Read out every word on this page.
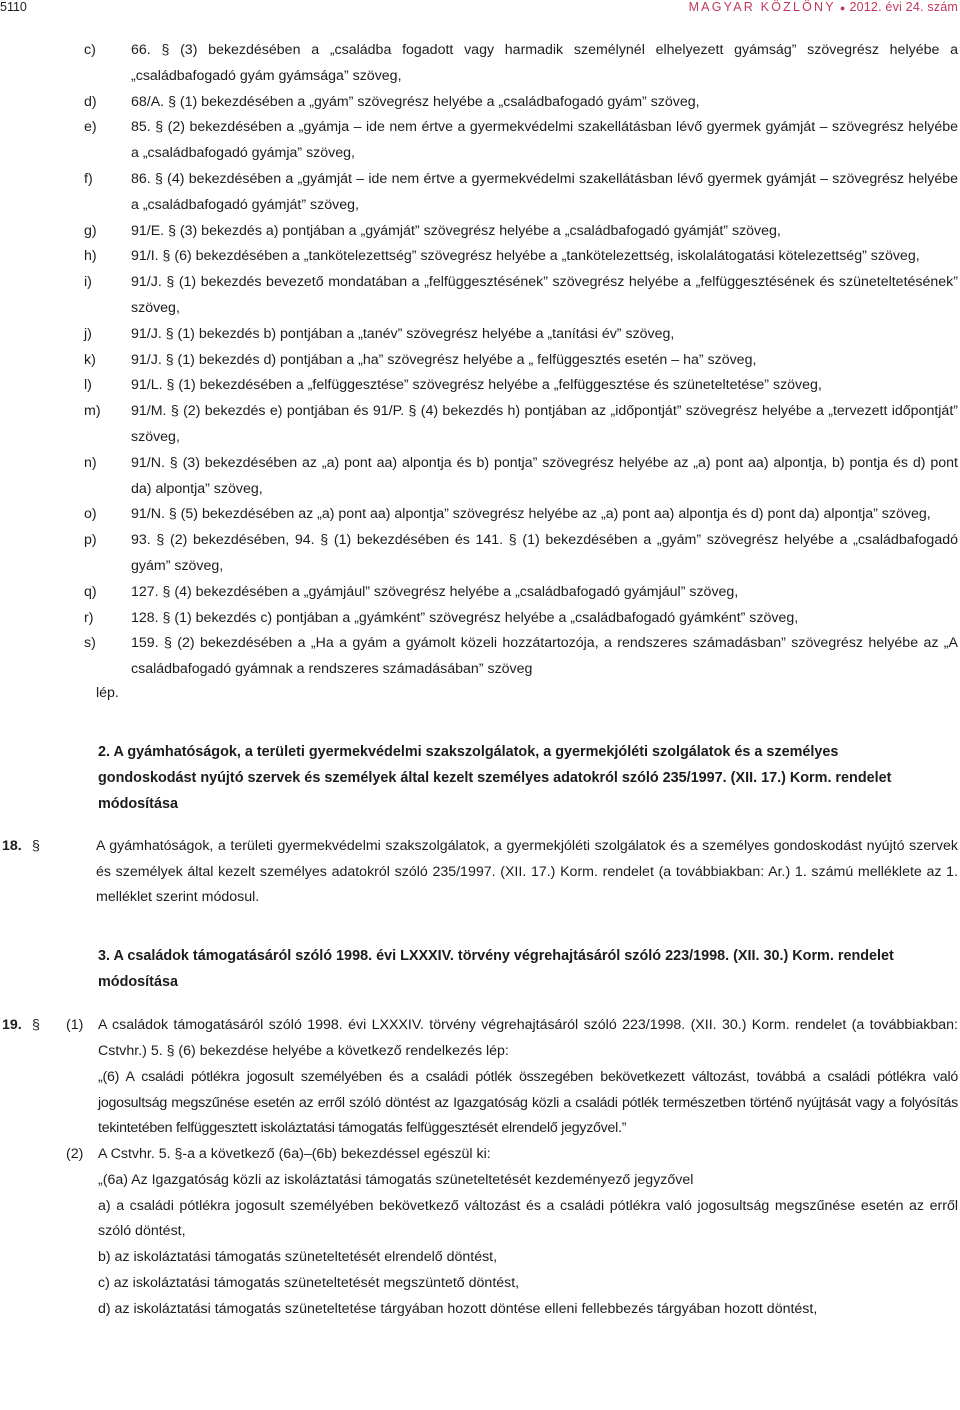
5110	MAGYAR KÖZLÖNY ● 2012. évi 24. szám
c) 66. § (3) bekezdésében a „családba fogadott vagy harmadik személynél elhelyezett gyámság” szövegrész helyébe a „családbafogadó gyám gyámsága” szöveg,
d) 68/A. § (1) bekezdésében a „gyám” szövegrész helyébe a „családbafogadó gyám” szöveg,
e) 85. § (2) bekezdésében a „gyámja – ide nem értve a gyermekvédelmi szakellátásban lévő gyermek gyámját – szövegrész helyébe a „családbafogadó gyámja” szöveg,
f)	86. § (4) bekezdésében a „gyámját – ide nem értve a gyermekvédelmi szakellátásban lévő gyermek gyámját – szövegrész helyébe a „családbafogadó gyámját” szöveg,
g) 91/E. § (3) bekezdés a) pontjában a „gyámját” szövegrész helyébe a „családbafogadó gyámját” szöveg,
h) 91/I. § (6) bekezdésében a „tankötelezettség” szövegrész helyébe a „tankötelezettség, iskolalátogatási kötelezettség” szöveg,
i)	91/J. § (1) bekezdés bevezető mondatában a „felfüggesztésének” szövegrész helyébe a „felfüggesztésének és szüneteltetésének” szöveg,
j)	91/J. § (1) bekezdés b) pontjában a „tanév” szövegrész helyébe a „tanítási év” szöveg,
k) 91/J. § (1) bekezdés d) pontjában a „ha” szövegrész helyébe a „ felfüggesztés esetén – ha” szöveg,
l)	91/L. § (1) bekezdésében a „felfüggesztése” szövegrész helyébe a „felfüggesztése és szüneteltetése” szöveg,
m) 91/M. § (2) bekezdés e) pontjában és 91/P. § (4) bekezdés h) pontjában az „időpontját” szövegrész helyébe a „tervezett időpontját” szöveg,
n) 91/N. § (3) bekezdésében az „a) pont aa) alpontja és b) pontja” szövegrész helyébe az „a) pont aa) alpontja, b) pontja és d) pont da) alpontja” szöveg,
o) 91/N. § (5) bekezdésében az „a) pont aa) alpontja” szövegrész helyébe az „a) pont aa) alpontja és d) pont da) alpontja” szöveg,
p) 93. § (2) bekezdésében, 94. § (1) bekezdésében és 141. § (1) bekezdésében a „gyám” szövegrész helyébe a „családbafogadó gyám” szöveg,
q) 127. § (4) bekezdésében a „gyámjául” szövegrész helyébe a „családbafogadó gyámjául” szöveg,
r)	128. § (1) bekezdés c) pontjában a „gyámként” szövegrész helyébe a „családbafogadó gyámként” szöveg,
s) 159. § (2) bekezdésében a „Ha a gyám a gyámolt közeli hozzátartozója, a rendszeres számadásban” szövegrész helyébe az „A családbafogadó gyámnak a rendszeres számadásában” szöveg
lép.
2. A gyámhatóságok, a területi gyermekvédelmi szakszolgálatok, a gyermekjóléti szolgálatok és a személyes gondoskodást nyújtó szervek és személyek által kezelt személyes adatokról szóló 235/1997. (XII. 17.) Korm. rendelet módosítása
18. §	A gyámhatóságok, a területi gyermekvédelmi szakszolgálatok, a gyermekjóléti szolgálatok és a személyes gondoskodást nyújtó szervek és személyek által kezelt személyes adatokról szóló 235/1997. (XII. 17.) Korm. rendelet (a továbbiakban: Ar.) 1. számú melléklete az 1. melléklet szerint módosul.
3. A családok támogatásáról szóló 1998. évi LXXXIV. törvény végrehajtásáról szóló 223/1998. (XII. 30.) Korm. rendelet módosítása
19. § (1) A családok támogatásáról szóló 1998. évi LXXXIV. törvény végrehajtásáról szóló 223/1998. (XII. 30.) Korm. rendelet (a továbbiakban: Cstvhr.) 5. § (6) bekezdése helyébe a következő rendelkezés lép:
„(6) A családi pótlékra jogosult személyében és a családi pótlék összegében bekövetkezett változást, továbbá a családi pótlékra való jogosultság megszűnése esetén az erről szóló döntést az Igazgatóság közli a családi pótlék természetben történő nyújtását vagy a folyósítás tekintetében felfüggesztett iskoláztatási támogatás felfüggesztését elrendelő jegyzővel.”
(2) A Cstvhr. 5. §-a a következő (6a)–(6b) bekezdéssel egészül ki:
„(6a) Az Igazgatóság közli az iskoláztatási támogatás szüneteltetését kezdeményező jegyzővel
a) a családi pótlékra jogosult személyében bekövetkező változást és a családi pótlékra való jogosultság megszűnése esetén az erről szóló döntést,
b) az iskoláztatási támogatás szüneteltetését elrendelő döntést,
c) az iskoláztatási támogatás szüneteltetését megszüntető döntést,
d) az iskoláztatási támogatás szüneteltetése tárgyában hozott döntése elleni fellebbezés tárgyában hozott döntést,
